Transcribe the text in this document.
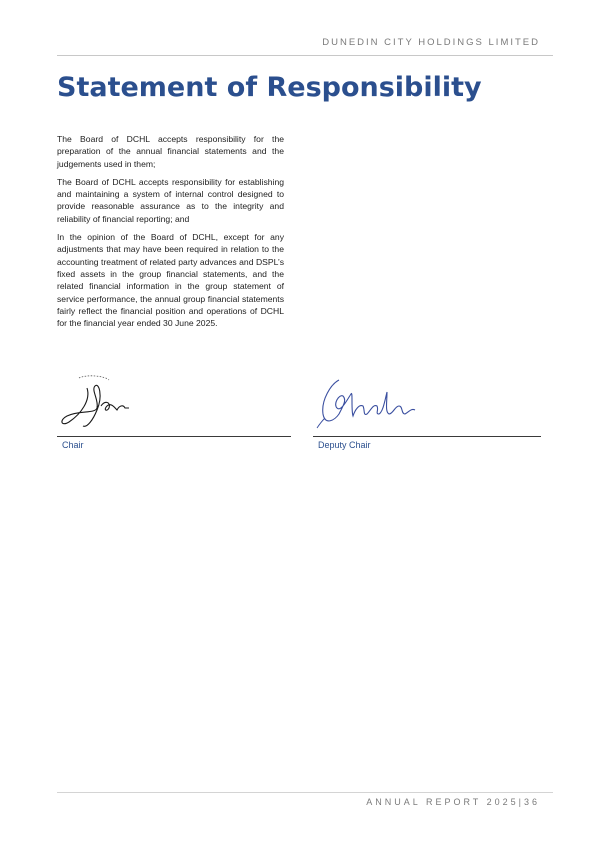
DUNEDIN CITY HOLDINGS LIMITED
Statement of Responsibility

The Board of DCHL accepts responsibility for the preparation of the annual financial statements and the judgements used in them;

The Board of DCHL accepts responsibility for establishing and maintaining a system of internal control designed to provide reasonable assurance as to the integrity and reliability of financial reporting; and

In the opinion of the Board of DCHL, except for any adjustments that may have been required in relation to the accounting treatment of related party advances and DSPL’s fixed assets in the group financial statements, and the related financial information in the group statement of service performance, the annual group financial statements fairly reflect the financial position and operations of DCHL for the financial year ended 30 June 2025.

Chair	Deputy Chair
ANNUAL REPORT 2025|36
